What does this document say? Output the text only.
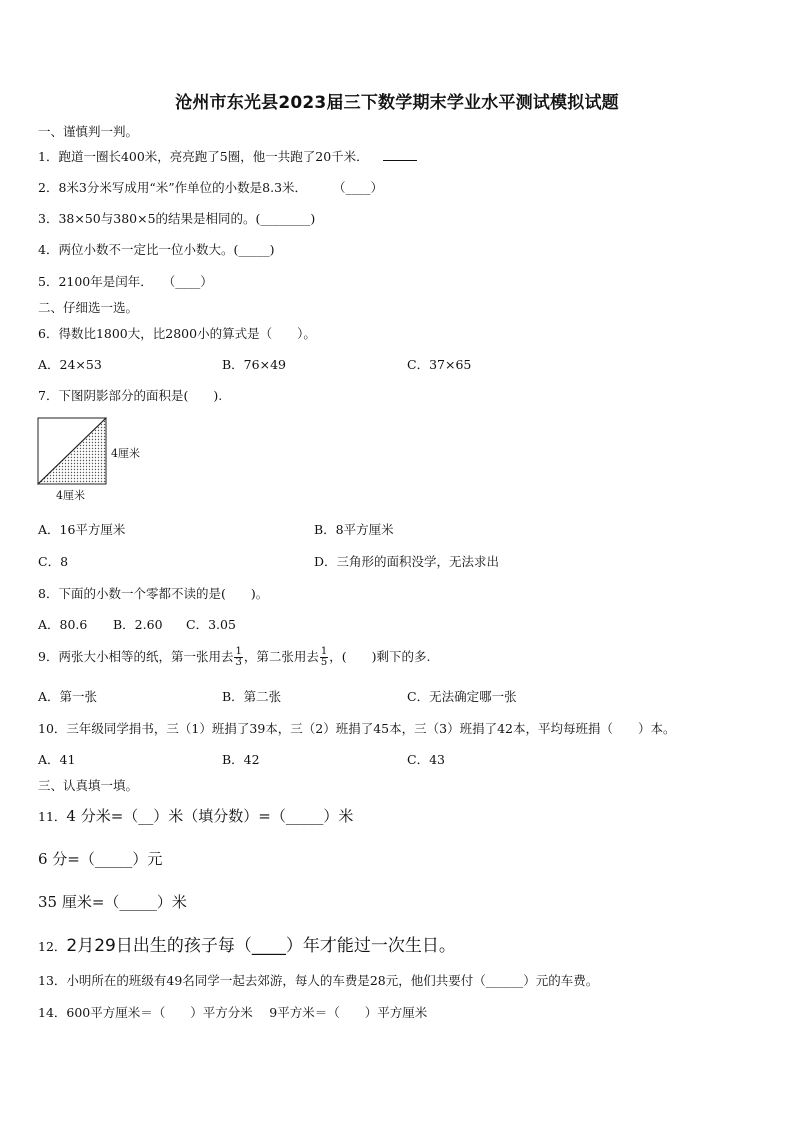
沧州市东光县2023届三下数学期末学业水平测试模拟试题
一、谨慎判一判。
1．跑道一圈长400米，亮亮跑了5圈，他一共跑了20千米．
2．8米3分米写成用“米”作单位的小数是8.3米． （____）
3．38×50与380×5的结果是相同的。(________)
4．两位小数不一定比一位小数大。(_____)
5．2100年是闰年． （____）
二、仔细选一选。
6．得数比1800大，比2800小的算式是（　　）。
A．24×53	B．76×49	C．37×65
7．下图阴影部分的面积是(　　).
4厘米
4厘米
A．16平方厘米	B．8平方厘米
C．8	D．三角形的面积没学，无法求出
8．下面的小数一个零都不读的是(　　)。
A．80.6 B．2.60 C．3.05
9．两张大小相等的纸，第一张用去 $\frac{1}{3}$ ，第二张用去 $\frac{1}{5}$ ，(　　)剩下的多.
A．第一张	B．第二张	C．无法确定哪一张
10．三年级同学捐书，三（1）班捐了39本，三（2）班捐了45本，三（3）班捐了42本，平均每班捐（　　）本。
A．41	B．42	C．43
三、认真填一填。
11．4 分米=（__）米（填分数）=（_____）米
6 分=（_____）元
35 厘米=（_____）米
12．2月29日出生的孩子每（____）年才能过一次生日。
13．小明所在的班级有49名同学一起去郊游，每人的车费是28元，他们共要付（______）元的车费。
14．600平方厘米＝（　　）平方分米　 9平方米＝（　　）平方厘米
